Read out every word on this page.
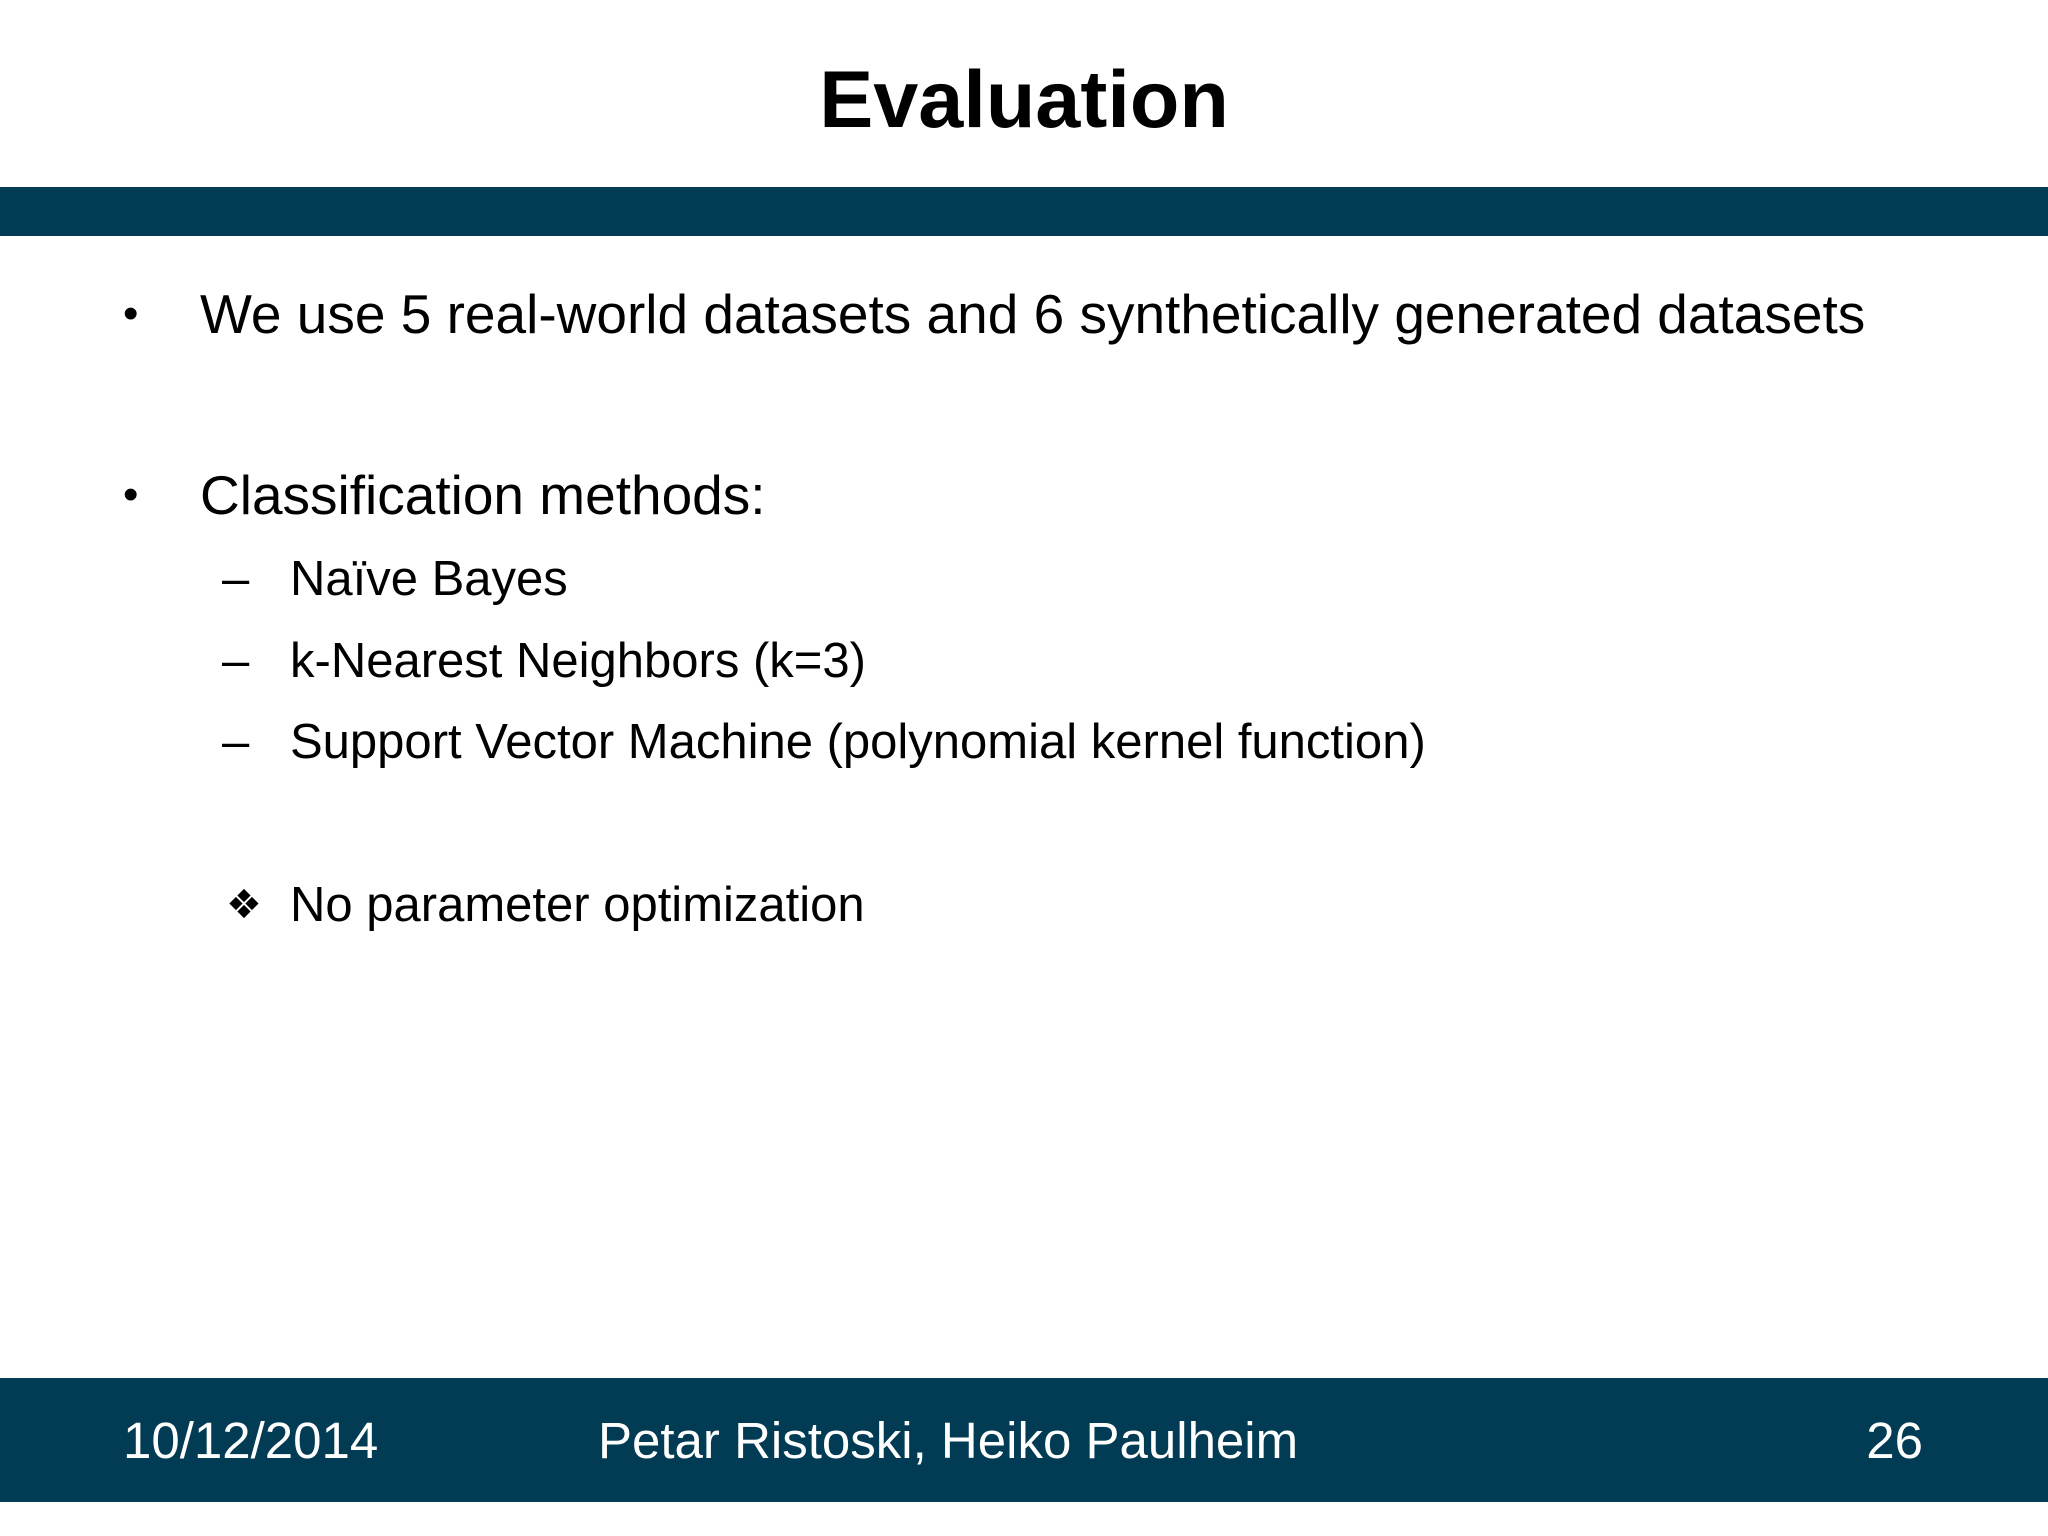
Evaluation
• We use 5 real-world datasets and 6 synthetically generated datasets
• Classification methods:
– Naïve Bayes
– k-Nearest Neighbors (k=3)
– Support Vector Machine (polynomial kernel function)
❖ No parameter optimization
10/12/2014	Petar Ristoski, Heiko Paulheim	26
